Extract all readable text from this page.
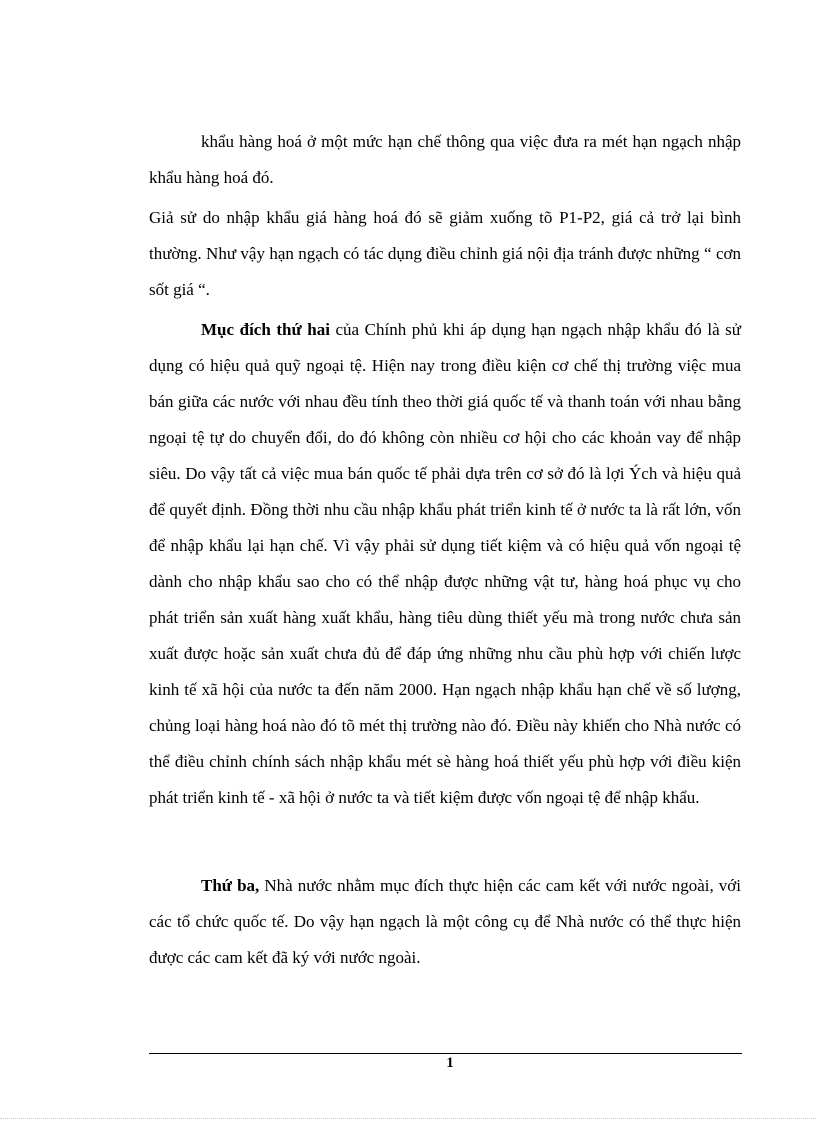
khẩu hàng hoá ở một mức hạn chế thông qua việc đưa ra mét hạn ngạch nhập khẩu hàng hoá đó.

Giả sử do nhập khẩu giá hàng hoá đó sẽ giảm xuống tõ P1-P2, giá cả trở lại bình thường. Như vậy hạn ngạch có tác dụng điều chỉnh giá nội địa tránh được những “ cơn sốt giá “.

Mục đích thứ hai của Chính phủ khi áp dụng hạn ngạch nhập khẩu đó là sử dụng có hiệu quả quỹ ngoại tệ. Hiện nay trong điều kiện cơ chế thị trường việc mua bán giữa các nước với nhau đều tính theo thời giá quốc tế và thanh toán với nhau bằng ngoại tệ tự do chuyển đổi, do đó không còn nhiều cơ hội cho các khoản vay để nhập siêu. Do vậy tất cả việc mua bán quốc tế phải dựa trên cơ sở đó là lợi Ých và hiệu quả để quyết định. Đồng thời nhu cầu nhập khẩu phát triển kinh tế ở nước ta là rất lớn, vốn để nhập khẩu lại hạn chế. Vì vậy phải sử dụng tiết kiệm và có hiệu quả vốn ngoại tệ dành cho nhập khẩu sao cho có thể nhập được những vật tư, hàng hoá phục vụ cho phát triển sản xuất hàng xuất khẩu, hàng tiêu dùng thiết yếu mà trong nước chưa sản xuất được hoặc sản xuất chưa đủ để đáp ứng những nhu cầu phù hợp với chiến lược kinh tế xã hội của nước ta đến năm 2000. Hạn ngạch nhập khẩu hạn chế về số lượng, chủng loại hàng hoá nào đó tõ mét thị trường nào đó. Điều này khiến cho Nhà nước có thể điều chỉnh chính sách nhập khẩu mét sè hàng hoá thiết yếu phù hợp với điều kiện phát triển kinh tế - xã hội ở nước ta và tiết kiệm được vốn ngoại tệ để nhập khẩu.

Thứ ba, Nhà nước nhằm mục đích thực hiện các cam kết với nước ngoài, với các tổ chức quốc tế. Do vậy hạn ngạch là một công cụ để Nhà nước có thể thực hiện được các cam kết đã ký với nước ngoài.

1
